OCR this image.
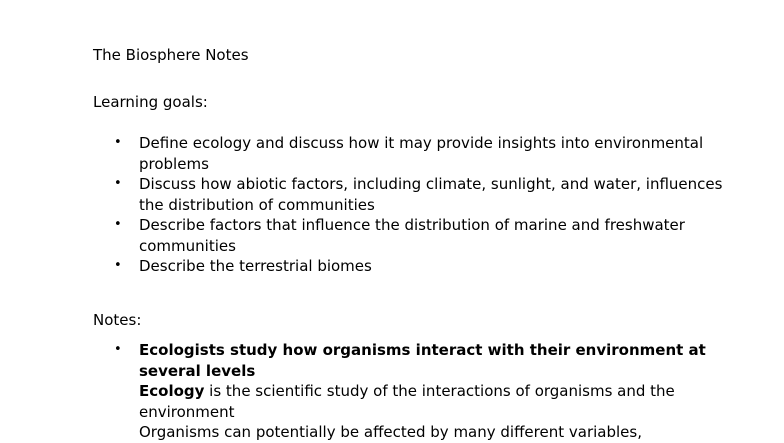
The Biosphere Notes

Learning goals:

• Define ecology and discuss how it may provide insights into environmental problems
• Discuss how abiotic factors, including climate, sunlight, and water, influences the distribution of communities
• Describe factors that influence the distribution of marine and freshwater communities
• Describe the terrestrial biomes

Notes:

• Ecologists study how organisms interact with their environment at several levels
Ecology is the scientific study of the interactions of organisms and the environment
Organisms can potentially be affected by many different variables,
